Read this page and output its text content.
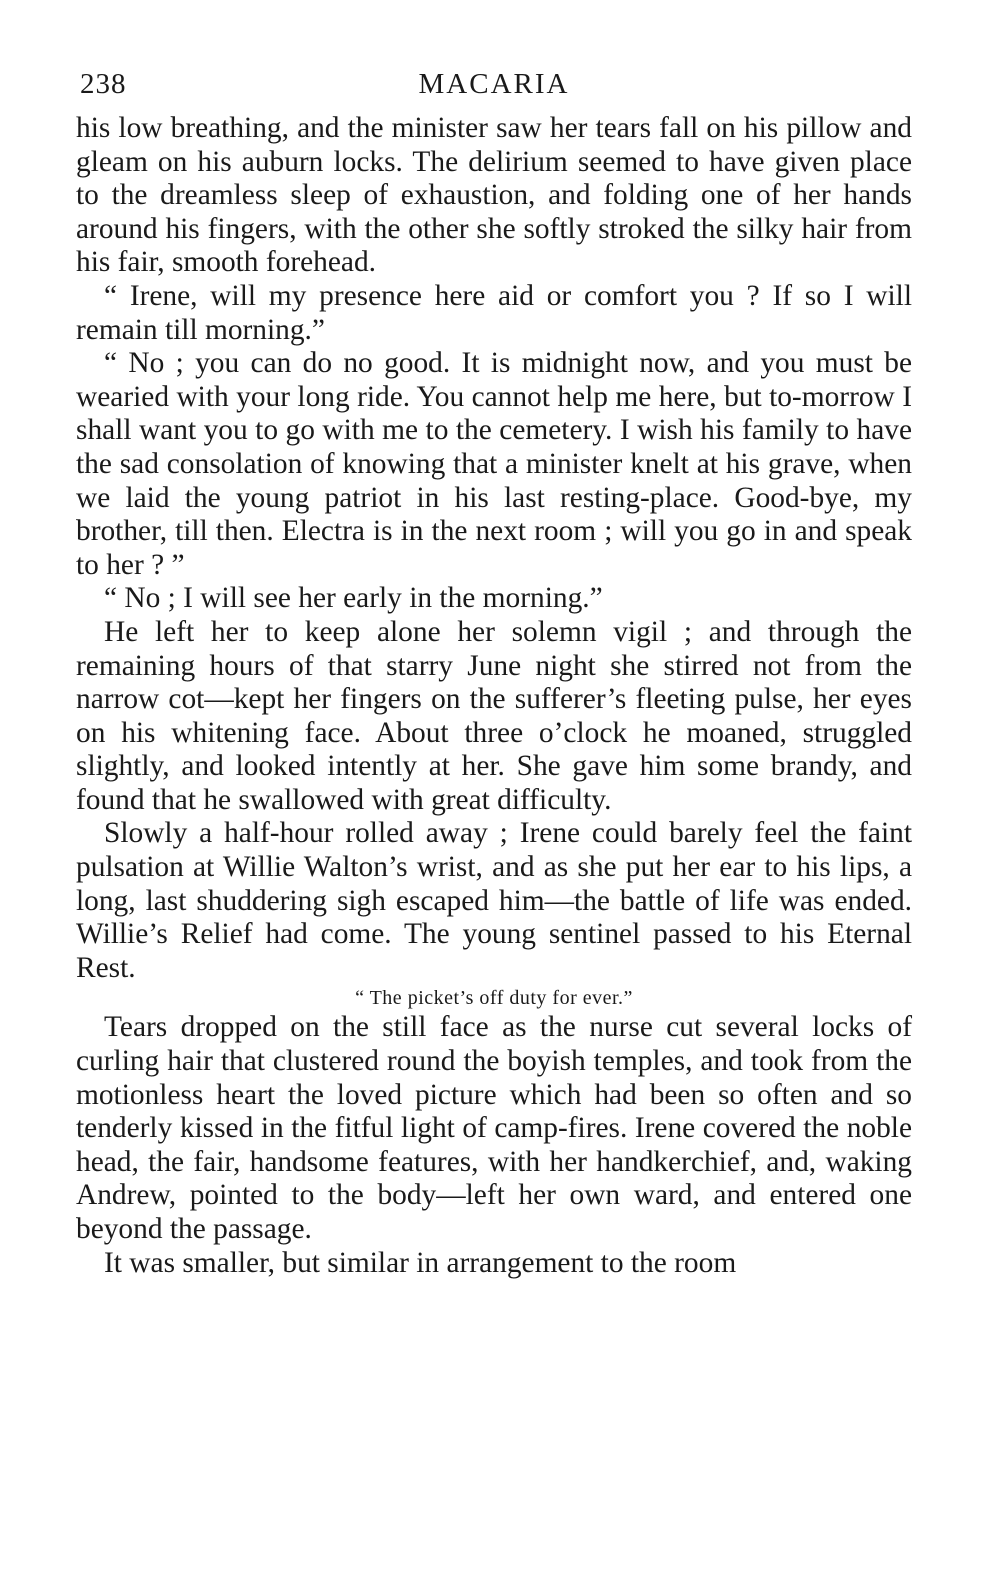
238	MACARIA

his low breathing, and the minister saw her tears fall on his pillow and gleam on his auburn locks. The delirium seemed to have given place to the dreamless sleep of exhaustion, and folding one of her hands around his fingers, with the other she softly stroked the silky hair from his fair, smooth forehead.

“ Irene, will my presence here aid or comfort you ? If so I will remain till morning.”

“ No ; you can do no good. It is midnight now, and you must be wearied with your long ride. You cannot help me here, but to-morrow I shall want you to go with me to the cemetery. I wish his family to have the sad consolation of knowing that a minister knelt at his grave, when we laid the young patriot in his last resting-place. Good-bye, my brother, till then. Electra is in the next room ; will you go in and speak to her ? ”

“ No ; I will see her early in the morning.”

He left her to keep alone her solemn vigil ; and through the remaining hours of that starry June night she stirred not from the narrow cot—kept her fingers on the sufferer’s fleeting pulse, her eyes on his whitening face. About three o’clock he moaned, struggled slightly, and looked intently at her. She gave him some brandy, and found that he swallowed with great difficulty.

Slowly a half-hour rolled away ; Irene could barely feel the faint pulsation at Willie Walton’s wrist, and as she put her ear to his lips, a long, last shuddering sigh escaped him—the battle of life was ended. Willie’s Relief had come. The young sentinel passed to his Eternal Rest.

“ The picket’s off duty for ever.”

Tears dropped on the still face as the nurse cut several locks of curling hair that clustered round the boyish temples, and took from the motionless heart the loved picture which had been so often and so tenderly kissed in the fitful light of camp-fires. Irene covered the noble head, the fair, handsome features, with her handkerchief, and, waking Andrew, pointed to the body—left her own ward, and entered one beyond the passage.

It was smaller, but similar in arrangement to the room
